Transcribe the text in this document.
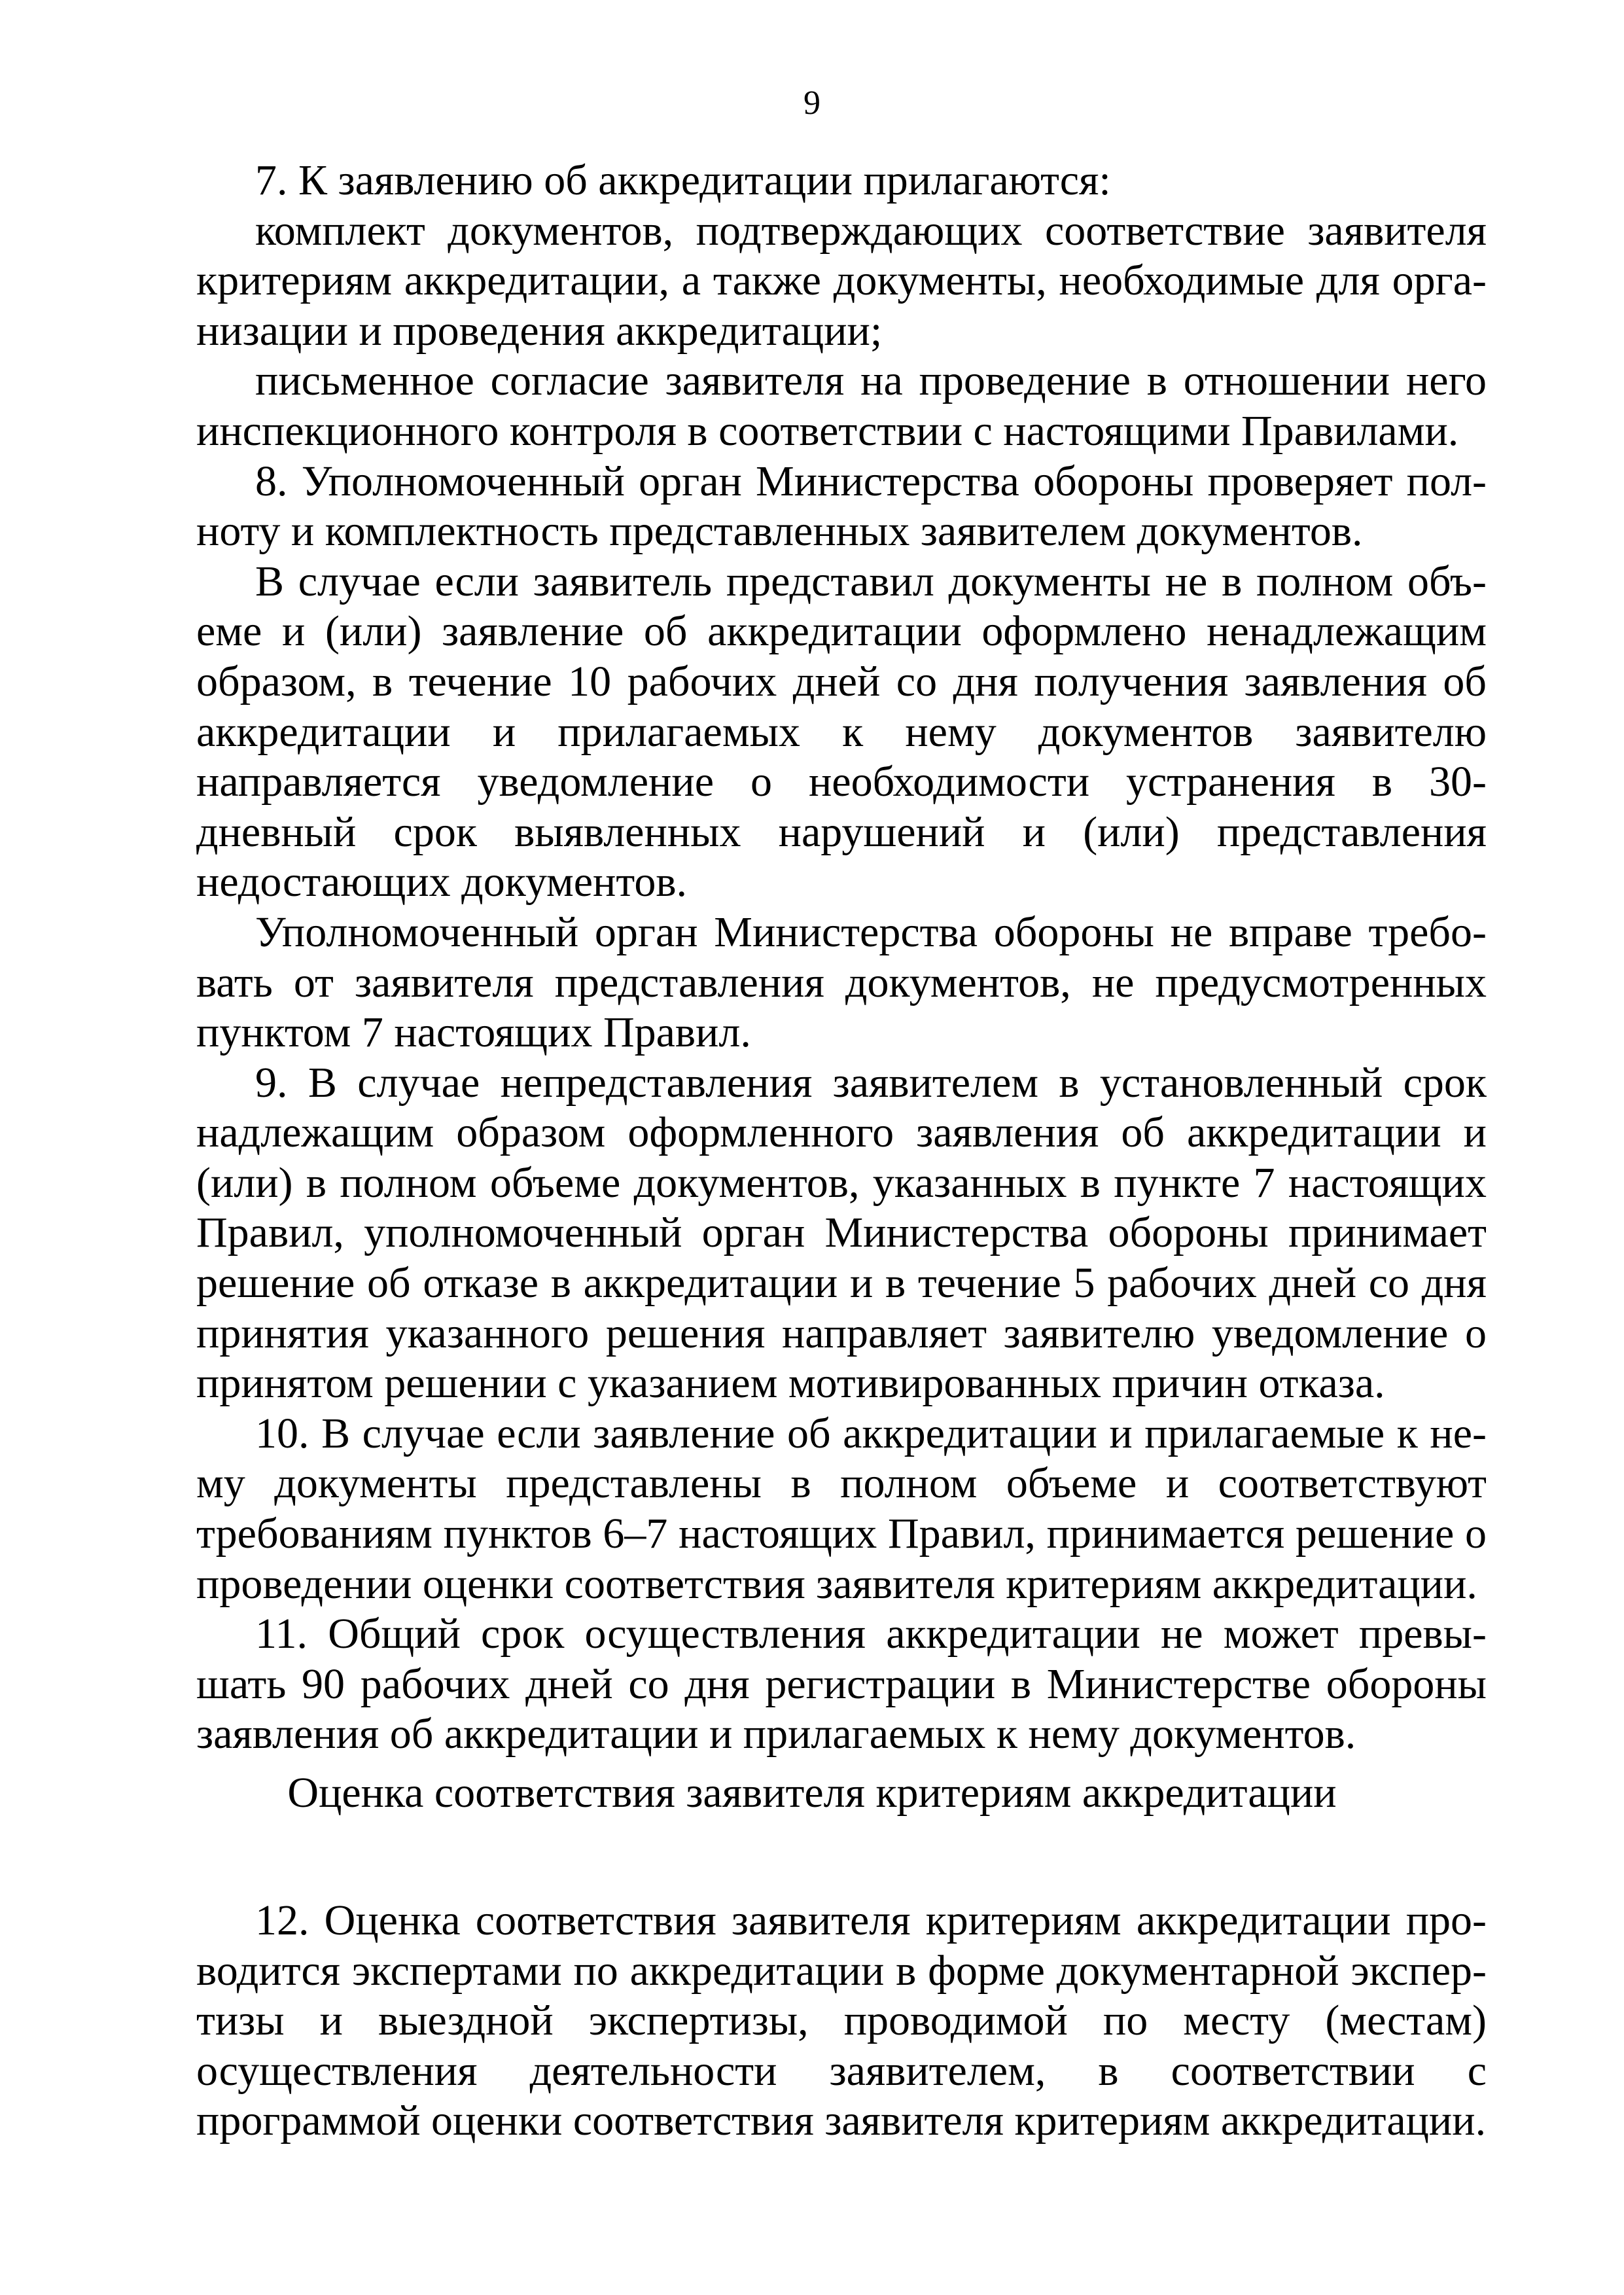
9

7. К заявлению об аккредитации прилагаются:

комплект документов, подтверждающих соответствие заявителя критериям аккредитации, а также документы, необходимые для организации и проведения аккредитации;

письменное согласие заявителя на проведение в отношении него инспекционного контроля в соответствии с настоящими Правилами.

8. Уполномоченный орган Министерства обороны проверяет полноту и комплектность представленных заявителем документов.

В случае если заявитель представил документы не в полном объеме и (или) заявление об аккредитации оформлено ненадлежащим образом, в течение 10 рабочих дней со дня получения заявления об аккредитации и прилагаемых к нему документов заявителю направляется уведомление о необходимости устранения в 30-дневный срок выявленных нарушений и (или) представления недостающих документов.

Уполномоченный орган Министерства обороны не вправе требовать от заявителя представления документов, не предусмотренных пунктом 7 настоящих Правил.

9. В случае непредставления заявителем в установленный срок надлежащим образом оформленного заявления об аккредитации и (или) в полном объеме документов, указанных в пункте 7 настоящих Правил, уполномоченный орган Министерства обороны принимает решение об отказе в аккредитации и в течение 5 рабочих дней со дня принятия указанного решения направляет заявителю уведомление о принятом решении с указанием мотивированных причин отказа.

10. В случае если заявление об аккредитации и прилагаемые к нему документы представлены в полном объеме и соответствуют требованиям пунктов 6–7 настоящих Правил, принимается решение о проведении оценки соответствия заявителя критериям аккредитации.

11. Общий срок осуществления аккредитации не может превышать 90 рабочих дней со дня регистрации в Министерстве обороны заявления об аккредитации и прилагаемых к нему документов.

Оценка соответствия заявителя критериям аккредитации

12. Оценка соответствия заявителя критериям аккредитации проводится экспертами по аккредитации в форме документарной экспертизы и выездной экспертизы, проводимой по месту (местам) осуществления деятельности заявителем, в соответствии с программой оценки соответствия заявителя критериям аккредитации.
